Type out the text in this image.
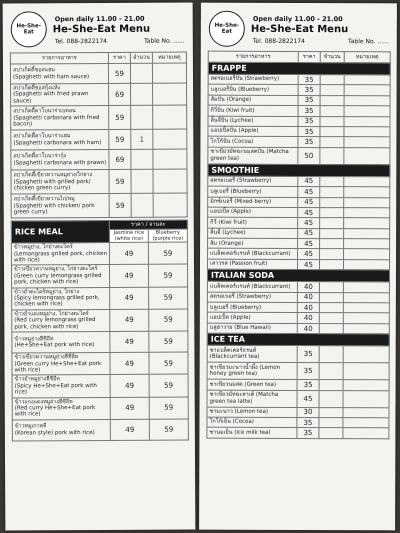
He-She-Eat
Open daily 11.00 - 21.00
He-She-Eat Menu
Tel. 088-2822174	Table No. ......
รายการอาหาร	ราคา	จำนวน	หมายเหตุ

สปาเก็ตตี้ซอสแฮม
(Spaghetti with ham sauce)	59		

สปาเก็ตตี้ซอสกุ้งแห้ง
(Spaghetti with fried prawn sauce)	69		

สปาเก็ตตี้คาโบนาร่าเบคอน
(Spaghetti carbonara with fried bacon)	59		

สปาเก็ตตี้คาโบนาร่าแฮม
(Spaghetti carbonara with ham)	59	1	

สปาเก็ตตี้คาโบนาร่ากุ้ง
(Spaghetti carbonara with prawn)	69		

สปาเก็ตตี้เขียวหวานหมูย่าง/ไก่ย่าง
(Spaghetti with grilled pork/ chicken green curry)	59		

สปาเก็ตตี้เขียวหวานไก่/หมู
(Spaghetti with chicken/ pork green curry)	59		
RICE MEAL	ราคา / จานละ	
	Jasmine rice (white rice)	Blueberry (purple rice)

ข้าวหมูย่าง, ไก่ย่างตะไคร้
(Lemongrass grilled pork, chicken with rice)	49	59

ข้าวเขียวหวานหมูย่าง, ไก่ย่างตะไคร้
(Green curry lemongrass grilled pork, chicken with rice)	49	59

ข้าวยำตะไคร้หมูย่าง, ไก่ย่าง
(Spicy lemongrass grilled pork, chicken with rice)	49	59

ข้าวยำแดงหมูย่าง, ไก่ย่างตะไคร้
(Red curry lemongrass grilled pork, chicken with rice)	49	59

ข้าวหมูย่างฮีชีอีท
(He+She+Eat pork with rice)	49	59

ข้าวเขียวหวานหมูย่างฮีชีอีท
(Green curry He+She+Eat pork with rice)	49	59

ข้าวยำหมูย่างฮีชีอีท
(Spicy He+She+Eat pork with rice)	49	59

ข้าวแกงแดงหมูย่างฮีชีอีท
(Red curry He+She+Eat pork with rice)	49	59

ข้าวหมูเกาหลี
(Korean style) pork with rice)	49	59
He-She-Eat
Open daily 11.00 - 21.00
He-She-Eat Menu
Tel. 088-2822174	Table No. ......
รายการอาหาร	ราคา	จำนวน	หมายเหตุ
FRAPPE			
สตรอเบอรี่ปั่น (Strawberry)	35		
บลูเบอรี่ปั่น (Blueberry)	35		
ส้มปั่น (Orange)	35		
กีวี่ปั่น (Kiwi fruit)	35		
ลิ้นจี่ปั่น (Lychee)	35		
แอปเปิ้ลปั่น (Apple)	35		
โกโก้ปั่น (Cocoa)	35		
ชาเขียวมัทฉะนมสดปั่น (Matcha green tea)	50		
SMOOTHIE			
สตรอเบอรี่ (Strawberry)	45		
บลูเบอรี่ (Blueberry)	45		
มิกซ์เบอรี่ (Mixed berry)	45		
แอปเปิ้ล (Apple)	45		
กีวี่ (Kiwi fruit)	45		
ลิ้นจี่ (Lychee)	45		
ส้ม (Orange)	45		
แบล็คเคอร์แรนท์ (Blackcurrant)	45		
เสาวรส (Passion fruit)	45		
ITALIAN SODA			
แบล็คเคอร์แรนท์ (Blackcurrant)	40		
สตรอเบอรี่ (Strawberry)	40		
บลูเบอรี่ (Blueberry)	40		
แอปเปิ้ล (Apple)	40		
บลูฮาวาย (Blue Hawaii)	40		
ICE TEA			
ชาแบล็คเคอร์แรนท์ (Blackcurrant tea)	35		
ชาเขียวมะนาวน้ำผึ้ง (Lemon honey green tea)	35		
ชาเขียวนมสด (Green tea)	35		
ชาเขียวมัทฉะลาเต้ (Matcha green tea latte)	45		
ชามะนาว (Lemon tea)	30		
โกโก้เย็น (Cocoa)	35		
ชานมเย็น (Ice milk tea)	35		
